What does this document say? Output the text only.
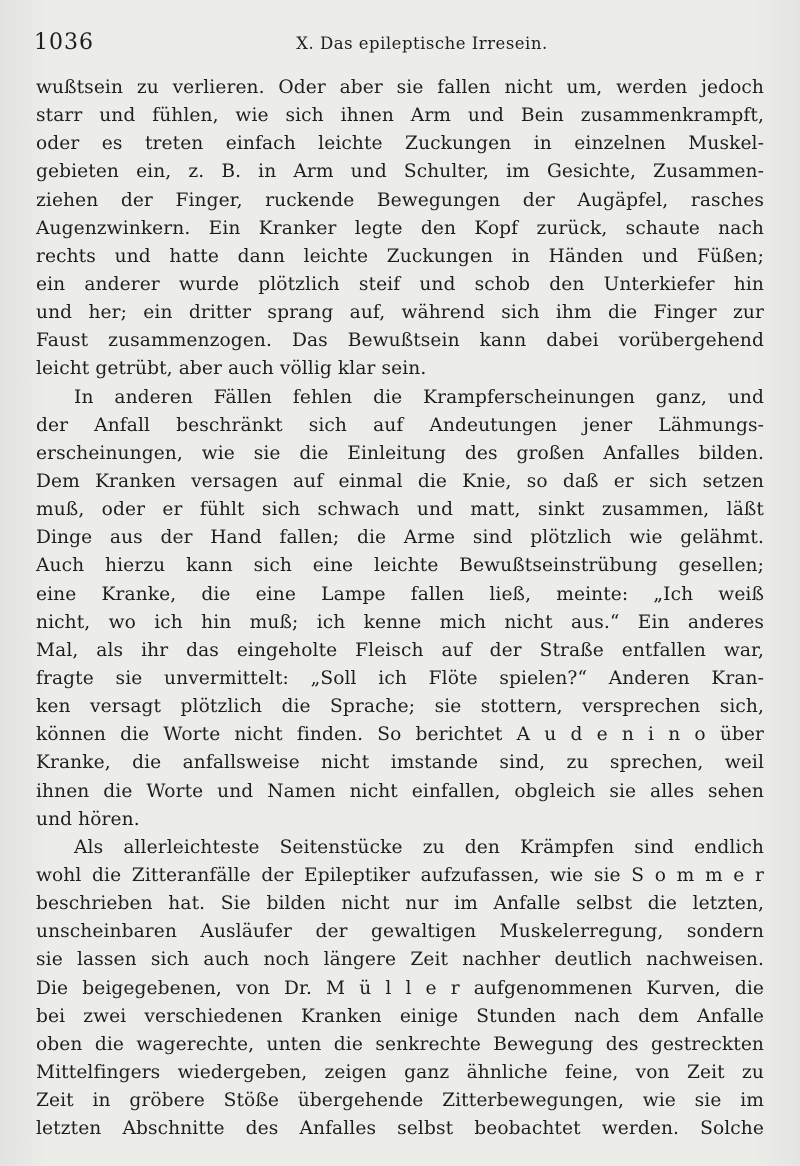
1036	X. Das epileptische Irresein.
wußtsein zu verlieren. Oder aber sie fallen nicht um, werden jedoch
starr und fühlen, wie sich ihnen Arm und Bein zusammenkrampft,
oder es treten einfach leichte Zuckungen in einzelnen Muskel-
gebieten ein, z. B. in Arm und Schulter, im Gesichte, Zusammen-
ziehen der Finger, ruckende Bewegungen der Augäpfel, rasches
Augenzwinkern. Ein Kranker legte den Kopf zurück, schaute nach
rechts und hatte dann leichte Zuckungen in Händen und Füßen;
ein anderer wurde plötzlich steif und schob den Unterkiefer hin
und her; ein dritter sprang auf, während sich ihm die Finger zur
Faust zusammenzogen. Das Bewußtsein kann dabei vorübergehend
leicht getrübt, aber auch völlig klar sein.
In anderen Fällen fehlen die Krampferscheinungen ganz, und
der Anfall beschränkt sich auf Andeutungen jener Lähmungs-
erscheinungen, wie sie die Einleitung des großen Anfalles bilden.
Dem Kranken versagen auf einmal die Knie, so daß er sich setzen
muß, oder er fühlt sich schwach und matt, sinkt zusammen, läßt
Dinge aus der Hand fallen; die Arme sind plötzlich wie gelähmt.
Auch hierzu kann sich eine leichte Bewußtseinstrübung gesellen;
eine Kranke, die eine Lampe fallen ließ, meinte: „Ich weiß
nicht, wo ich hin muß; ich kenne mich nicht aus.“ Ein anderes
Mal, als ihr das eingeholte Fleisch auf der Straße entfallen war,
fragte sie unvermittelt: „Soll ich Flöte spielen?“ Anderen Kran-
ken versagt plötzlich die Sprache; sie stottern, versprechen sich,
können die Worte nicht finden. So berichtet A u d e n i n o über
Kranke, die anfallsweise nicht imstande sind, zu sprechen, weil
ihnen die Worte und Namen nicht einfallen, obgleich sie alles sehen
und hören.
Als allerleichteste Seitenstücke zu den Krämpfen sind endlich
wohl die Zitteranfälle der Epileptiker aufzufassen, wie sie S o m m e r
beschrieben hat. Sie bilden nicht nur im Anfalle selbst die letzten,
unscheinbaren Ausläufer der gewaltigen Muskelerregung, sondern
sie lassen sich auch noch längere Zeit nachher deutlich nachweisen.
Die beigegebenen, von Dr. M ü l l e r aufgenommenen Kurven, die
bei zwei verschiedenen Kranken einige Stunden nach dem Anfalle
oben die wagerechte, unten die senkrechte Bewegung des gestreckten
Mittelfingers wiedergeben, zeigen ganz ähnliche feine, von Zeit zu
Zeit in gröbere Stöße übergehende Zitterbewegungen, wie sie im
letzten Abschnitte des Anfalles selbst beobachtet werden. Solche
